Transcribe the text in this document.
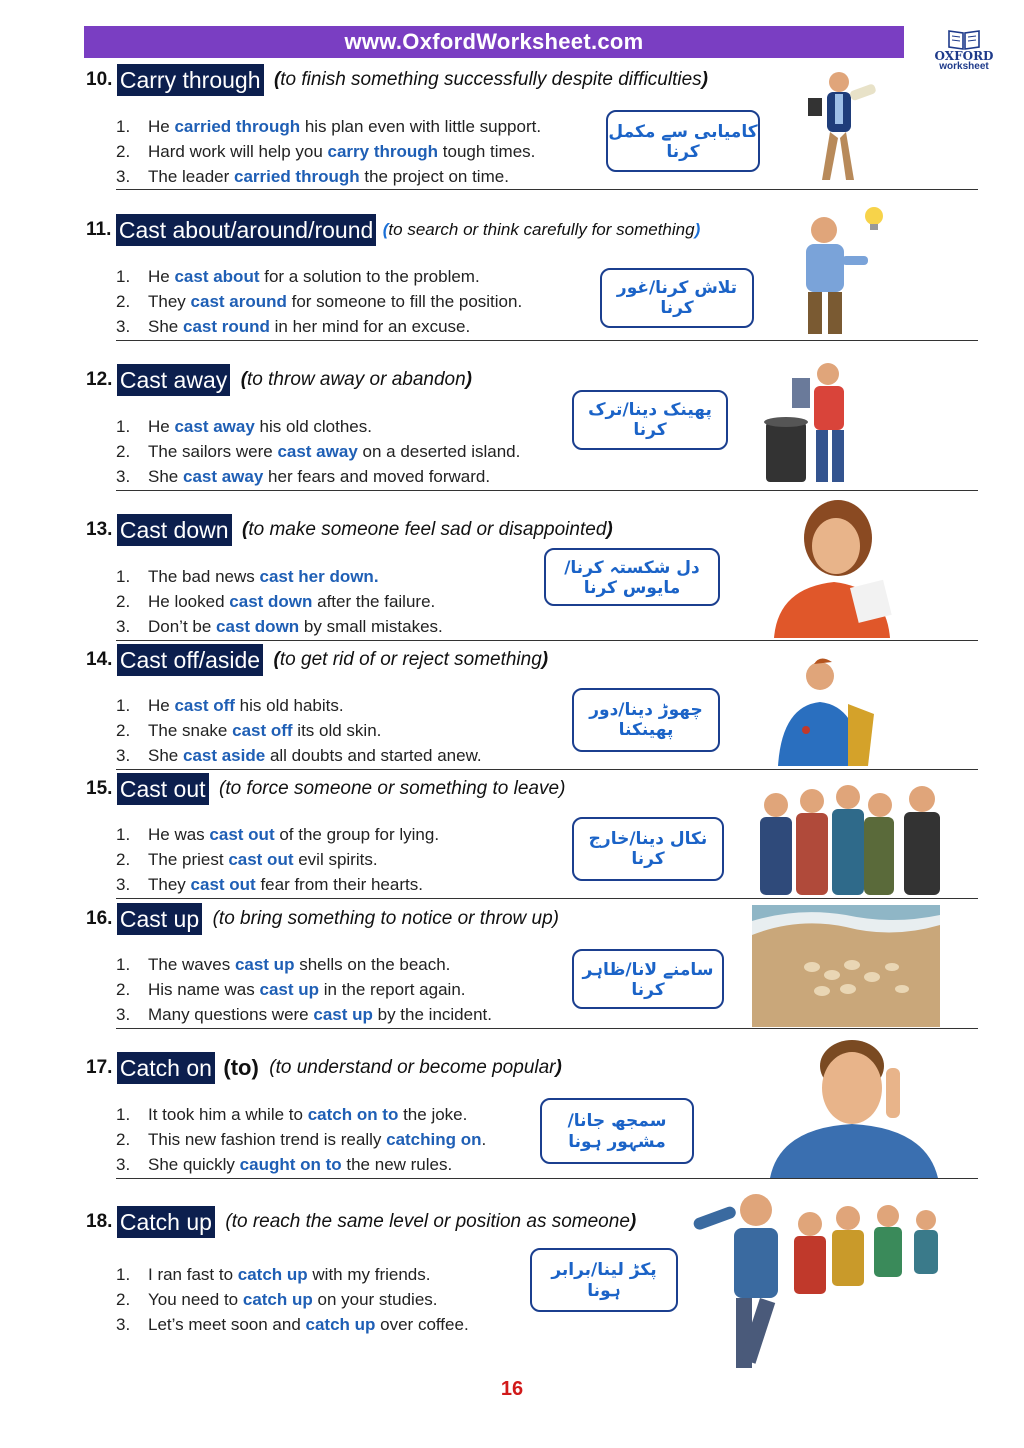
www.OxfordWorksheet.com
OXFORD
worksheet
10. Carry through (to finish something successfully despite difficulties)
1. He carried through his plan even with little support.
2. Hard work will help you carry through tough times.
3. The leader carried through the project on time.
کامیابی سے مکمل کرنا
11. Cast about/around/round (to search or think carefully for something)
1. He cast about for a solution to the problem.
2. They cast around for someone to fill the position.
3. She cast round in her mind for an excuse.
تلاش کرنا/غور کرنا
12. Cast away (to throw away or abandon)
1. He cast away his old clothes.
2. The sailors were cast away on a deserted island.
3. She cast away her fears and moved forward.
پھینک دینا/ترک کرنا
13. Cast down (to make someone feel sad or disappointed)
1. The bad news cast her down.
2. He looked cast down after the failure.
3. Don’t be cast down by small mistakes.
دل شکستہ کرنا/مایوس کرنا
14. Cast off/aside (to get rid of or reject something)
1. He cast off his old habits.
2. The snake cast off its old skin.
3. She cast aside all doubts and started anew.
چھوڑ دینا/دور پھینکنا
15. Cast out (to force someone or something to leave)
1. He was cast out of the group for lying.
2. The priest cast out evil spirits.
3. They cast out fear from their hearts.
نکال دینا/خارج کرنا
16. Cast up (to bring something to notice or throw up)
1. The waves cast up shells on the beach.
2. His name was cast up in the report again.
3. Many questions were cast up by the incident.
سامنے لانا/ظاہر کرنا
17. Catch on (to) (to understand or become popular)
1. It took him a while to catch on to the joke.
2. This new fashion trend is really catching on.
3. She quickly caught on to the new rules.
سمجھ جانا/مشہور ہونا
18. Catch up (to reach the same level or position as someone)
1. I ran fast to catch up with my friends.
2. You need to catch up on your studies.
3. Let’s meet soon and catch up over coffee.
پکڑ لینا/برابر ہونا
16
